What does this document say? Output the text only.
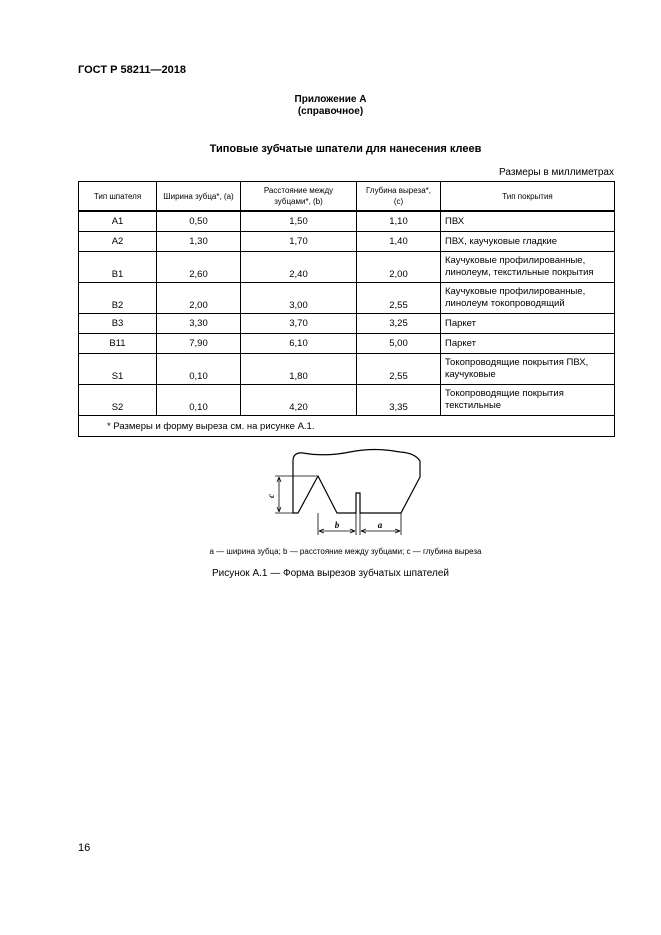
ГОСТ Р 58211—2018
Приложение А
(справочное)
Типовые зубчатые шпатели для нанесения клеев
Размеры в миллиметрах
Тип шпателя	Ширина зубца*, (a)	Расстояние между зубцами*, (b)	Глубина выреза*, (c)	Тип покрытия
A1	0,50	1,50	1,10	ПВХ
A2	1,30	1,70	1,40	ПВХ, каучуковые гладкие
B1	2,60	2,40	2,00	Каучуковые профилированные, линолеум, текстильные покрытия
B2	2,00	3,00	2,55	Каучуковые профилированные, линолеум токопроводящий
B3	3,30	3,70	3,25	Паркет
B11	7,90	6,10	5,00	Паркет
S1	0,10	1,80	2,55	Токопроводящие покрытия ПВХ, каучуковые
S2	0,10	4,20	3,35	Токопроводящие покрытия текстильные
* Размеры и форму выреза см. на рисунке А.1.				
b	a
c
a — ширина зубца; b — расстояние между зубцами; c — глубина выреза
Рисунок А.1 — Форма вырезов зубчатых шпателей
16
